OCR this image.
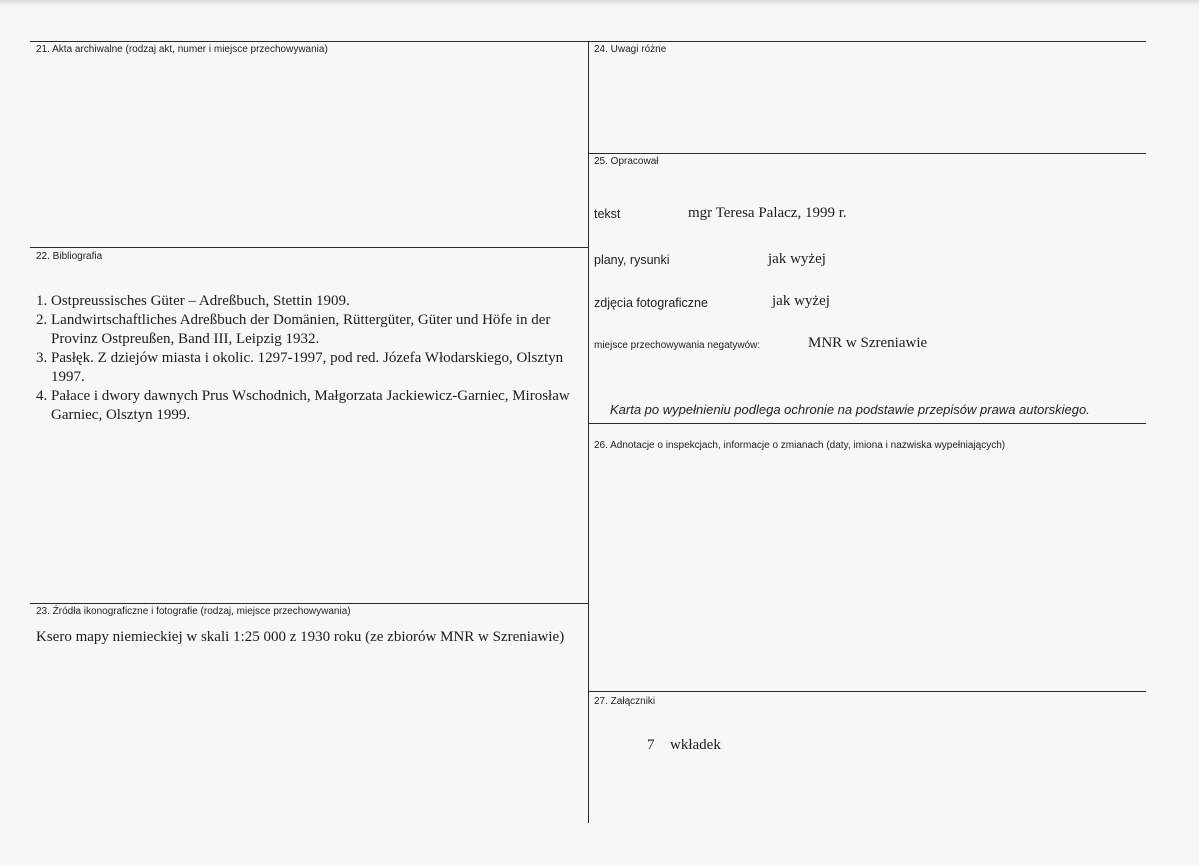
21. Akta archiwalne (rodzaj akt, numer i miejsce przechowywania)
22. Bibliografia
1. Ostpreussisches Güter – Adreßbuch, Stettin 1909.
2. Landwirtschaftliches Adreßbuch der Domänien, Rüttergüter, Güter und Höfe in der Provinz Ostpreußen, Band III, Leipzig 1932.
3. Pasłęk. Z dziejów miasta i okolic. 1297-1997, pod red. Józefa Włodarskiego, Olsztyn 1997.
4. Pałace i dwory dawnych Prus Wschodnich, Małgorzata Jackiewicz-Garniec, Mirosław Garniec, Olsztyn 1999.
23. Źródła ikonograficzne i fotografie (rodzaj, miejsce przechowywania)
Ksero mapy niemieckiej w skali 1:25 000 z 1930 roku (ze zbiorów MNR w Szreniawie)
24. Uwagi różne
25. Opracował
tekst	mgr Teresa Palacz, 1999 r.
plany, rysunki	jak wyżej
zdjęcia fotograficzne	jak wyżej
miejsce przechowywania negatywów:	MNR w Szreniawie
Karta po wypełnieniu podlega ochronie na podstawie przepisów prawa autorskiego.
26. Adnotacje o inspekcjach, informacje o zmianach (daty, imiona i nazwiska wypełniających)
27. Załączniki
7 wkładek
